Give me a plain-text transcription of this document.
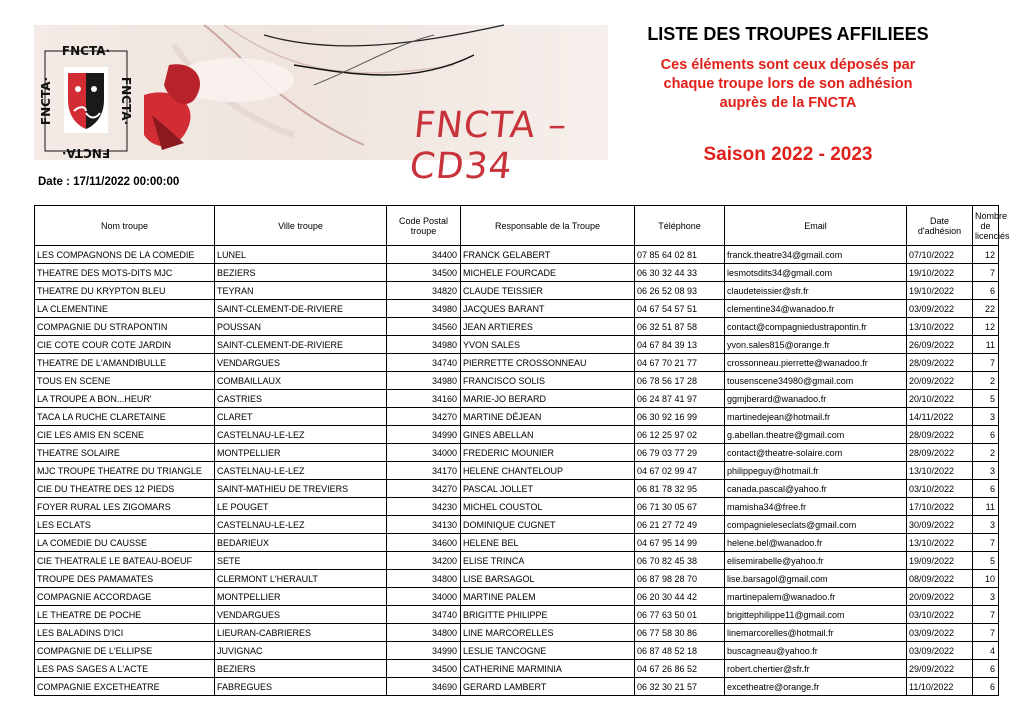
FNCTA·
FNCTA·
FNCTA·	FNCTA·
FNCTA – CD34
LISTE DES TROUPES AFFILIEES
Ces éléments sont ceux déposés par
chaque troupe lors de son adhésion
auprès de la FNCTA
Saison 2022 - 2023
Date : 17/11/2022 00:00:00
Nom troupe	Ville troupe	Code Postal troupe	Responsable de la Troupe	Téléphone	Email	Date d'adhésion	Nombre de licenciés
LES COMPAGNONS DE LA COMEDIE	LUNEL	34400	FRANCK GELABERT	07 85 64 02 81	franck.theatre34@gmail.com	07/10/2022	12
THEATRE DES MOTS-DITS MJC	BEZIERS	34500	MICHELE FOURCADE	06 30 32 44 33	lesmotsdits34@gmail.com	19/10/2022	7
THEATRE DU KRYPTON BLEU	TEYRAN	34820	CLAUDE TEISSIER	06 26 52 08 93	claudeteissier@sfr.fr	19/10/2022	6
LA CLEMENTINE	SAINT-CLEMENT-DE-RIVIERE	34980	JACQUES BARANT	04 67 54 57 51	clementine34@wanadoo.fr	03/09/2022	22
COMPAGNIE DU STRAPONTIN	POUSSAN	34560	JEAN ARTIERES	06 32 51 87 58	contact@compagniedustrapontin.fr	13/10/2022	12
CIE COTE COUR COTE JARDIN	SAINT-CLEMENT-DE-RIVIERE	34980	YVON SALES	04 67 84 39 13	yvon.sales815@orange.fr	26/09/2022	11
THEATRE DE L'AMANDIBULLE	VENDARGUES	34740	PIERRETTE CROSSONNEAU	04 67 70 21 77	crossonneau.pierrette@wanadoo.fr	28/09/2022	7
TOUS EN SCENE	COMBAILLAUX	34980	FRANCISCO SOLIS	06 78 56 17 28	tousenscene34980@gmail.com	20/09/2022	2
LA TROUPE A BON...HEUR'	CASTRIES	34160	MARIE-JO BERARD	06 24 87 41 97	ggmjberard@wanadoo.fr	20/10/2022	5
TACA LA RUCHE CLARETAINE	CLARET	34270	MARTINE DÉJEAN	06 30 92 16 99	martinedejean@hotmail.fr	14/11/2022	3
CIE LES AMIS EN SCENE	CASTELNAU-LE-LEZ	34990	GINES ABELLAN	06 12 25 97 02	g.abellan.theatre@gmail.com	28/09/2022	6
THEATRE SOLAIRE	MONTPELLIER	34000	FREDERIC MOUNIER	06 79 03 77 29	contact@theatre-solaire.com	28/09/2022	2
MJC TROUPE THEATRE DU TRIANGLE	CASTELNAU-LE-LEZ	34170	HELENE CHANTELOUP	04 67 02 99 47	philippeguy@hotmail.fr	13/10/2022	3
CIE DU THEATRE DES 12 PIEDS	SAINT-MATHIEU DE TREVIERS	34270	PASCAL JOLLET	06 81 78 32 95	canada.pascal@yahoo.fr	03/10/2022	6
FOYER RURAL LES ZIGOMARS	LE POUGET	34230	MICHEL COUSTOL	06 71 30 05 67	mamisha34@free.fr	17/10/2022	11
LES ECLATS	CASTELNAU-LE-LEZ	34130	DOMINIQUE CUGNET	06 21 27 72 49	compagnieleseclats@gmail.com	30/09/2022	3
LA COMEDIE DU CAUSSE	BEDARIEUX	34600	HELENE BEL	04 67 95 14 99	helene.bel@wanadoo.fr	13/10/2022	7
CIE THEATRALE LE BATEAU-BOEUF	SETE	34200	ELISE TRINCA	06 70 82 45 38	elisemirabelle@yahoo.fr	19/09/2022	5
TROUPE DES PAMAMATES	CLERMONT L'HERAULT	34800	LISE BARSAGOL	06 87 98 28 70	lise.barsagol@gmail.com	08/09/2022	10
COMPAGNIE ACCORDAGE	MONTPELLIER	34000	MARTINE PALEM	06 20 30 44 42	martinepalem@wanadoo.fr	20/09/2022	3
LE THEATRE DE POCHE	VENDARGUES	34740	BRIGITTE PHILIPPE	06 77 63 50 01	brigittephilippe11@gmail.com	03/10/2022	7
LES BALADINS D'ICI	LIEURAN-CABRIERES	34800	LINE MARCORELLES	06 77 58 30 86	linemarcorelles@hotmail.fr	03/09/2022	7
COMPAGNIE DE L'ELLIPSE	JUVIGNAC	34990	LESLIE TANCOGNE	06 87 48 52 18	buscagneau@yahoo.fr	03/09/2022	4
LES PAS SAGES A L'ACTE	BEZIERS	34500	CATHERINE MARMINIA	04 67 26 86 52	robert.chertier@sfr.fr	29/09/2022	6
COMPAGNIE EXCETHEATRE	FABREGUES	34690	GERARD LAMBERT	06 32 30 21 57	excetheatre@orange.fr	11/10/2022	6
